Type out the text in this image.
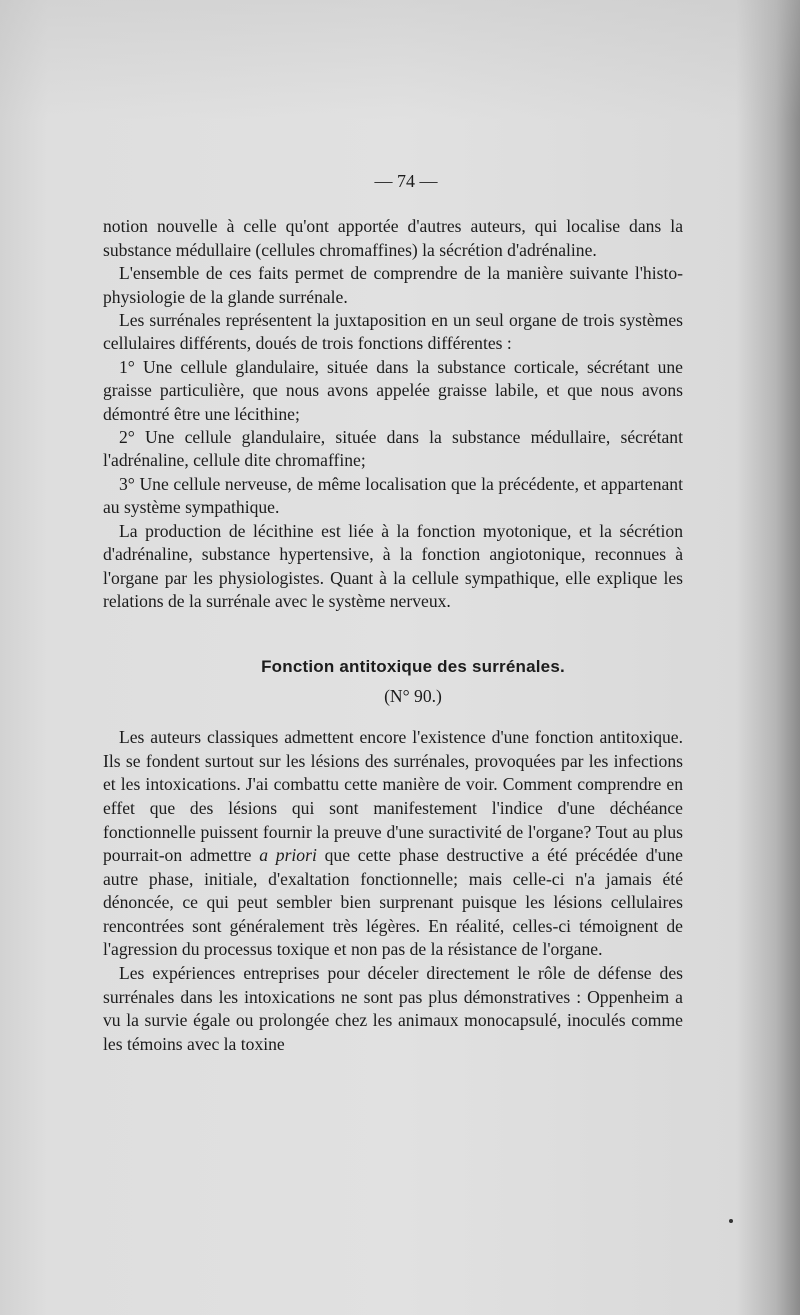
— 74 —

notion nouvelle à celle qu'ont apportée d'autres auteurs, qui localise dans la substance médullaire (cellules chromaffines) la sécrétion d'adrénaline.

L'ensemble de ces faits permet de comprendre de la manière suivante l'histo-physiologie de la glande surrénale.

Les surrénales représentent la juxtaposition en un seul organe de trois systèmes cellulaires différents, doués de trois fonctions différentes :

1° Une cellule glandulaire, située dans la substance corticale, sécrétant une graisse particulière, que nous avons appelée graisse labile, et que nous avons démontré être une lécithine;

2° Une cellule glandulaire, située dans la substance médullaire, sécrétant l'adrénaline, cellule dite chromaffine;

3° Une cellule nerveuse, de même localisation que la précédente, et appartenant au système sympathique.

La production de lécithine est liée à la fonction myotonique, et la sécrétion d'adrénaline, substance hypertensive, à la fonction angiotonique, reconnues à l'organe par les physiologistes. Quant à la cellule sympathique, elle explique les relations de la surrénale avec le système nerveux.

Fonction antitoxique des surrénales.
(N° 90.)

Les auteurs classiques admettent encore l'existence d'une fonction antitoxique. Ils se fondent surtout sur les lésions des surrénales, provoquées par les infections et les intoxications. J'ai combattu cette manière de voir. Comment comprendre en effet que des lésions qui sont manifestement l'indice d'une déchéance fonctionnelle puissent fournir la preuve d'une suractivité de l'organe? Tout au plus pourrait-on admettre a priori que cette phase destructive a été précédée d'une autre phase, initiale, d'exaltation fonctionnelle; mais celle-ci n'a jamais été dénoncée, ce qui peut sembler bien surprenant puisque les lésions cellulaires rencontrées sont généralement très légères. En réalité, celles-ci témoignent de l'agression du processus toxique et non pas de la résistance de l'organe.

Les expériences entreprises pour déceler directement le rôle de défense des surrénales dans les intoxications ne sont pas plus démonstratives : Oppenheim a vu la survie égale ou prolongée chez les animaux monocapsulé, inoculés comme les témoins avec la toxine
